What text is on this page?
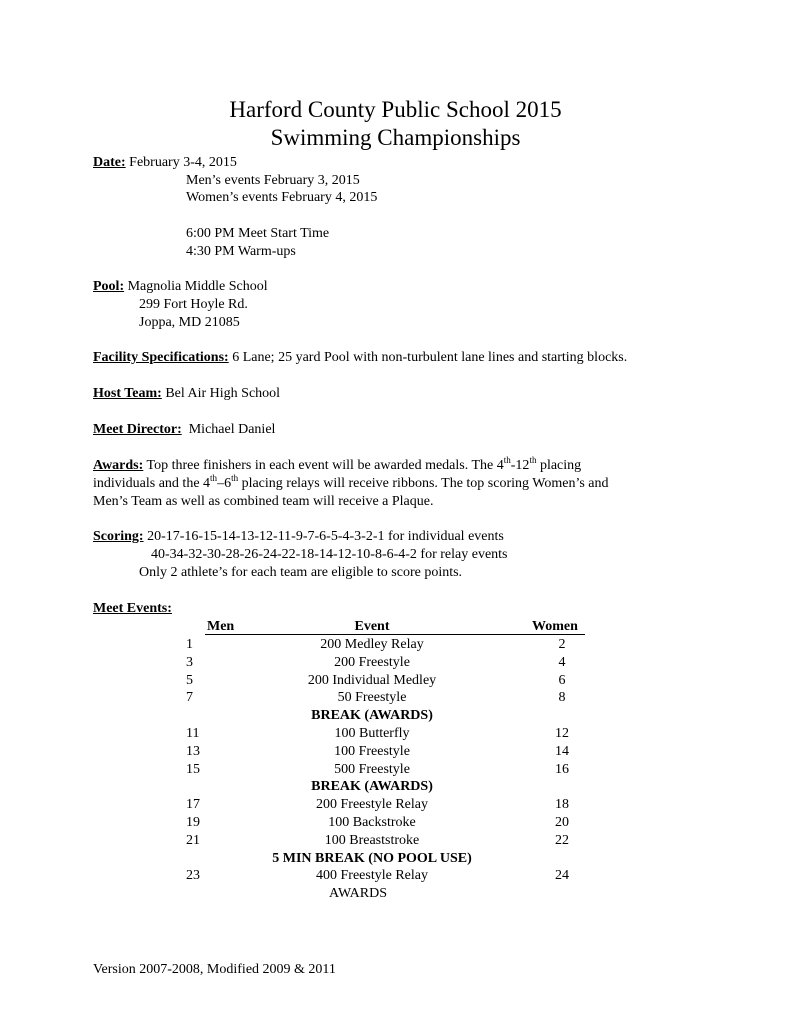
Harford County Public School 2015
Swimming Championships
Date: February 3-4, 2015
Men’s events February 3, 2015
Women’s events February 4, 2015
6:00 PM Meet Start Time
4:30 PM Warm-ups
Pool: Magnolia Middle School
299 Fort Hoyle Rd.
Joppa, MD 21085
Facility Specifications: 6 Lane; 25 yard Pool with non-turbulent lane lines and starting blocks.
Host Team: Bel Air High School
Meet Director: Michael Daniel
Awards: Top three finishers in each event will be awarded medals. The 4th-12th placing
individuals and the 4th–6th placing relays will receive ribbons. The top scoring Women’s and
Men’s Team as well as combined team will receive a Plaque.
Scoring: 20-17-16-15-14-13-12-11-9-7-6-5-4-3-2-1 for individual events
40-34-32-30-28-26-24-22-18-14-12-10-8-6-4-2 for relay events
Only 2 athlete’s for each team are eligible to score points.
Meet Events:
Men	Event	Women
1	200 Medley Relay	2
3	200 Freestyle	4
5	200 Individual Medley	6
7	50 Freestyle	8
BREAK (AWARDS)
11	100 Butterfly	12
13	100 Freestyle	14
15	500 Freestyle	16
BREAK (AWARDS)
17	200 Freestyle Relay	18
19	100 Backstroke	20
21	100 Breaststroke	22
5 MIN BREAK (NO POOL USE)
23	400 Freestyle Relay	24
AWARDS
Version 2007-2008, Modified 2009 & 2011
